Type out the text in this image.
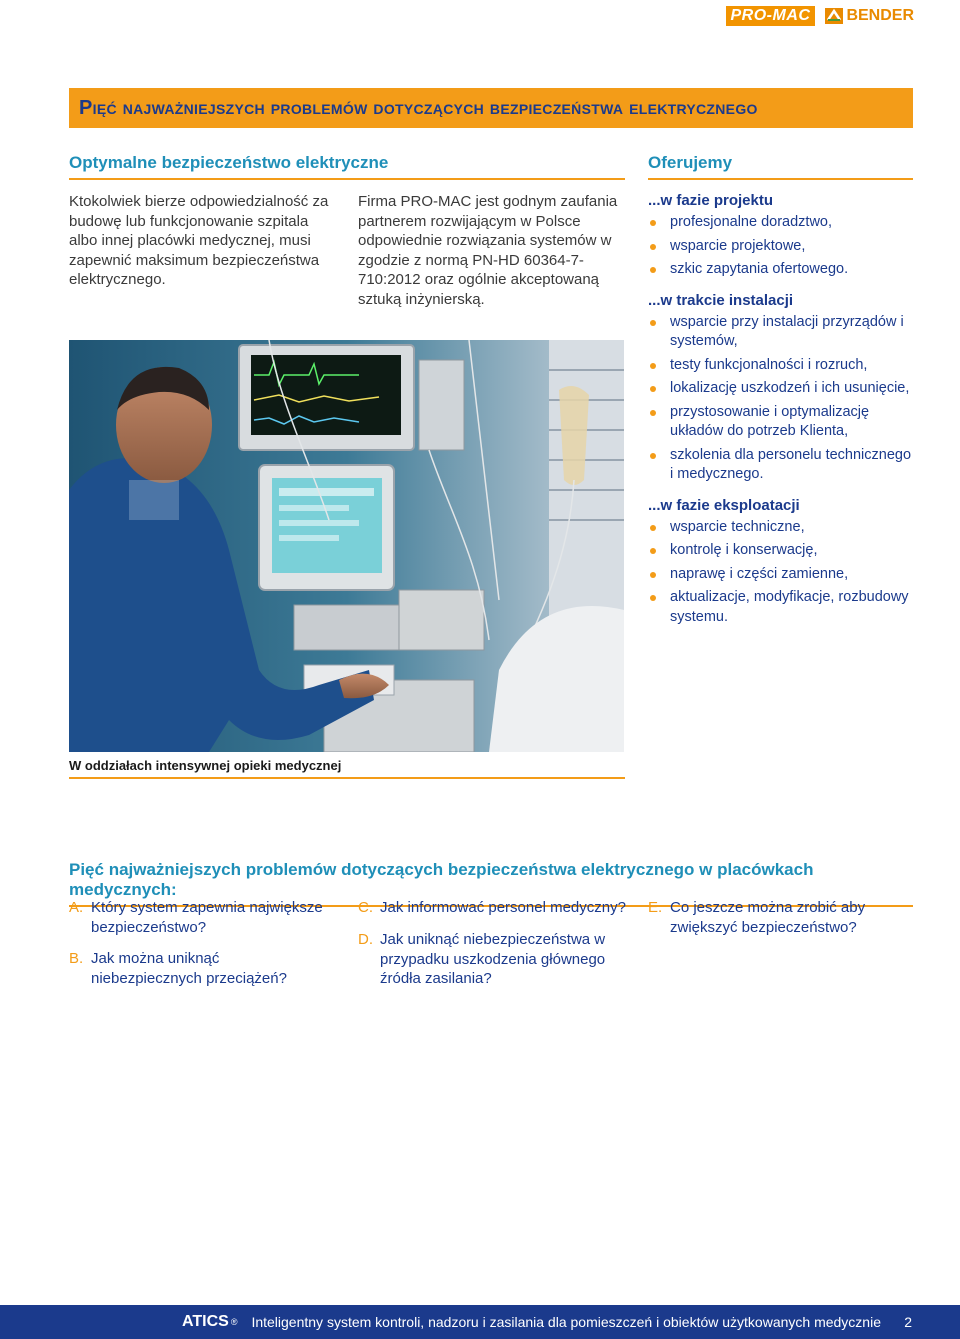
PRO-MAC	BENDER
Pięć najważniejszych problemów dotyczących bezpieczeństwa elektrycznego
Optymalne bezpieczeństwo elektryczne	Oferujemy

Ktokolwiek bierze odpowiedzialność za budowę lub funkcjonowanie szpitala albo innej placówki medycznej, musi zapewnić maksimum bezpieczeństwa elektrycznego.

Firma PRO-MAC jest godnym zaufania partnerem rozwijającym w Polsce odpowiednie rozwiązania systemów w zgodzie z normą PN-HD 60364-7-710:2012 oraz ogólnie akceptowaną sztuką inżynierską.

W oddziałach intensywnej opieki medycznej
...w fazie projektu
profesjonalne doradztwo,
wsparcie projektowe,
szkic zapytania ofertowego.
...w trakcie instalacji
wsparcie przy instalacji przyrządów i systemów,
testy funkcjonalności i rozruch,
lokalizację uszkodzeń i ich usunięcie,
przystosowanie i optymalizację układów do potrzeb Klienta,
szkolenia dla personelu technicznego i medycznego.
...w fazie eksploatacji
wsparcie techniczne,
kontrolę i konserwację,
naprawę i części zamienne,
aktualizacje, modyfikacje, rozbudowy systemu.
Pięć najważniejszych problemów dotyczących bezpieczeństwa elektrycznego w placówkach medycznych:
A. Który system zapewnia największe bezpieczeństwo?
B. Jak można uniknąć niebezpiecznych przeciążeń?
C. Jak informować personel medyczny?
D. Jak uniknąć niebezpieczeństwa w przypadku uszkodzenia głównego źródła zasilania?
E. Co jeszcze można zrobić aby zwiększyć bezpieczeństwo?
ATICS ® Inteligentny system kontroli, nadzoru i zasilania dla pomieszczeń i obiektów użytkowanych medycznie 2
